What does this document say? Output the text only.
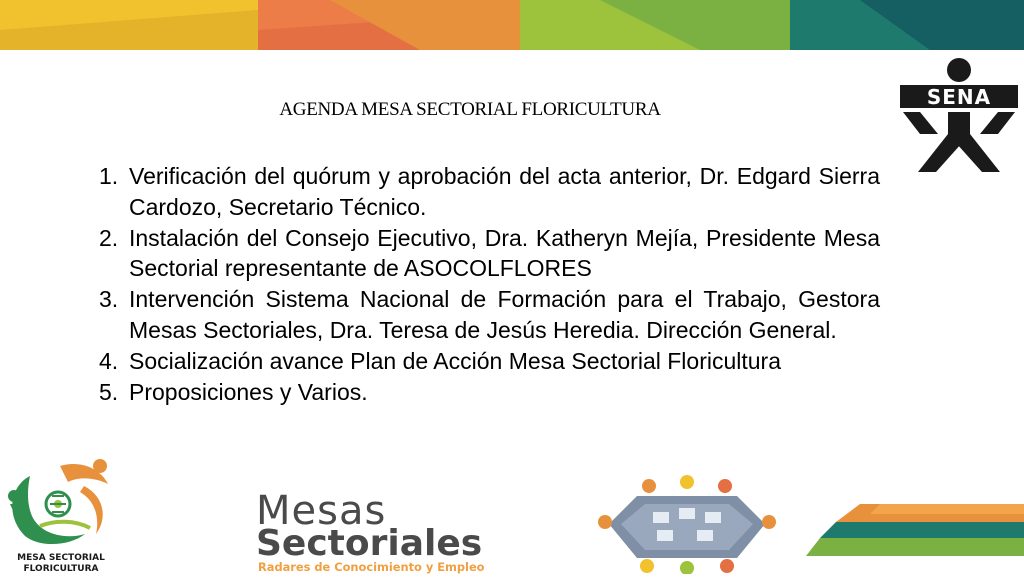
AGENDA MESA SECTORIAL FLORICULTURA
1. Verificación del quórum y aprobación del acta anterior, Dr. Edgard Sierra Cardozo, Secretario Técnico.
2. Instalación del Consejo Ejecutivo, Dra. Katheryn Mejía, Presidente Mesa Sectorial representante de ASOCOLFLORES
3. Intervención Sistema Nacional de Formación para el Trabajo, Gestora Mesas Sectoriales, Dra. Teresa de Jesús Heredia. Dirección General.
4. Socialización avance Plan de Acción Mesa Sectorial Floricultura
5. Proposiciones y Varios.
SENA
MESA SECTORIAL
FLORICULTURA
Mesas
Sectoriales
Radares de Conocimiento y Empleo
